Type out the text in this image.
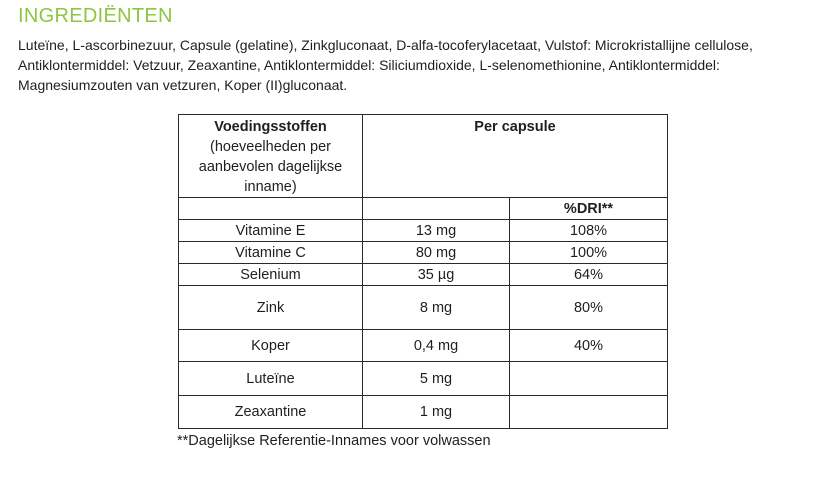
INGREDIËNTEN
Luteïne, L-ascorbinezuur, Capsule (gelatine), Zinkgluconaat, D-alfa-tocoferylacetaat, Vulstof: Microkristallijne cellulose, Antiklontermiddel: Vetzuur, Zeaxantine, Antiklontermiddel: Siliciumdioxide, L-selenomethionine, Antiklontermiddel: Magnesiumzouten van vetzuren, Koper (II)gluconaat.
Voedingsstoffen
(hoeveelheden per aanbevolen dagelijkse inname)	Per capsule	
		%DRI**
Vitamine E	13 mg	108%
Vitamine C	80 mg	100%
Selenium	35 µg	64%
Zink	8 mg	80%
Koper	0,4 mg	40%
Luteïne	5 mg	
Zeaxantine	1 mg	
**Dagelijkse Referentie-Innames voor volwassen
